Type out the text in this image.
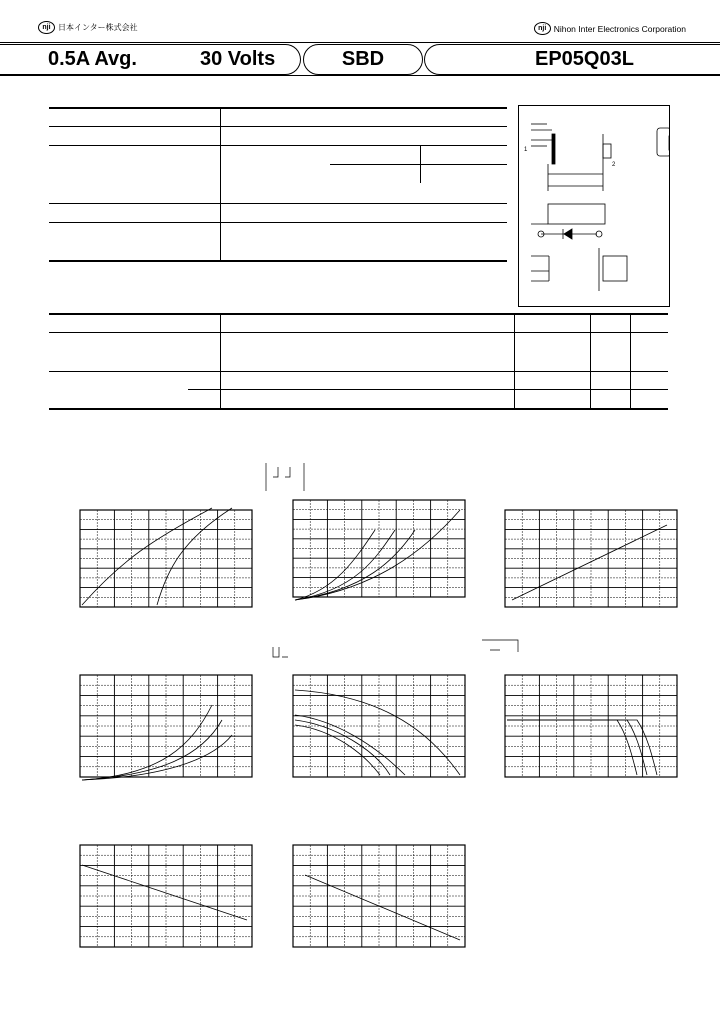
nji 日本インター株式会社	nji Nihon Inter Electronics Corporation
0.5A Avg.	30 Volts	SBD	EP05Q03L
1
2
